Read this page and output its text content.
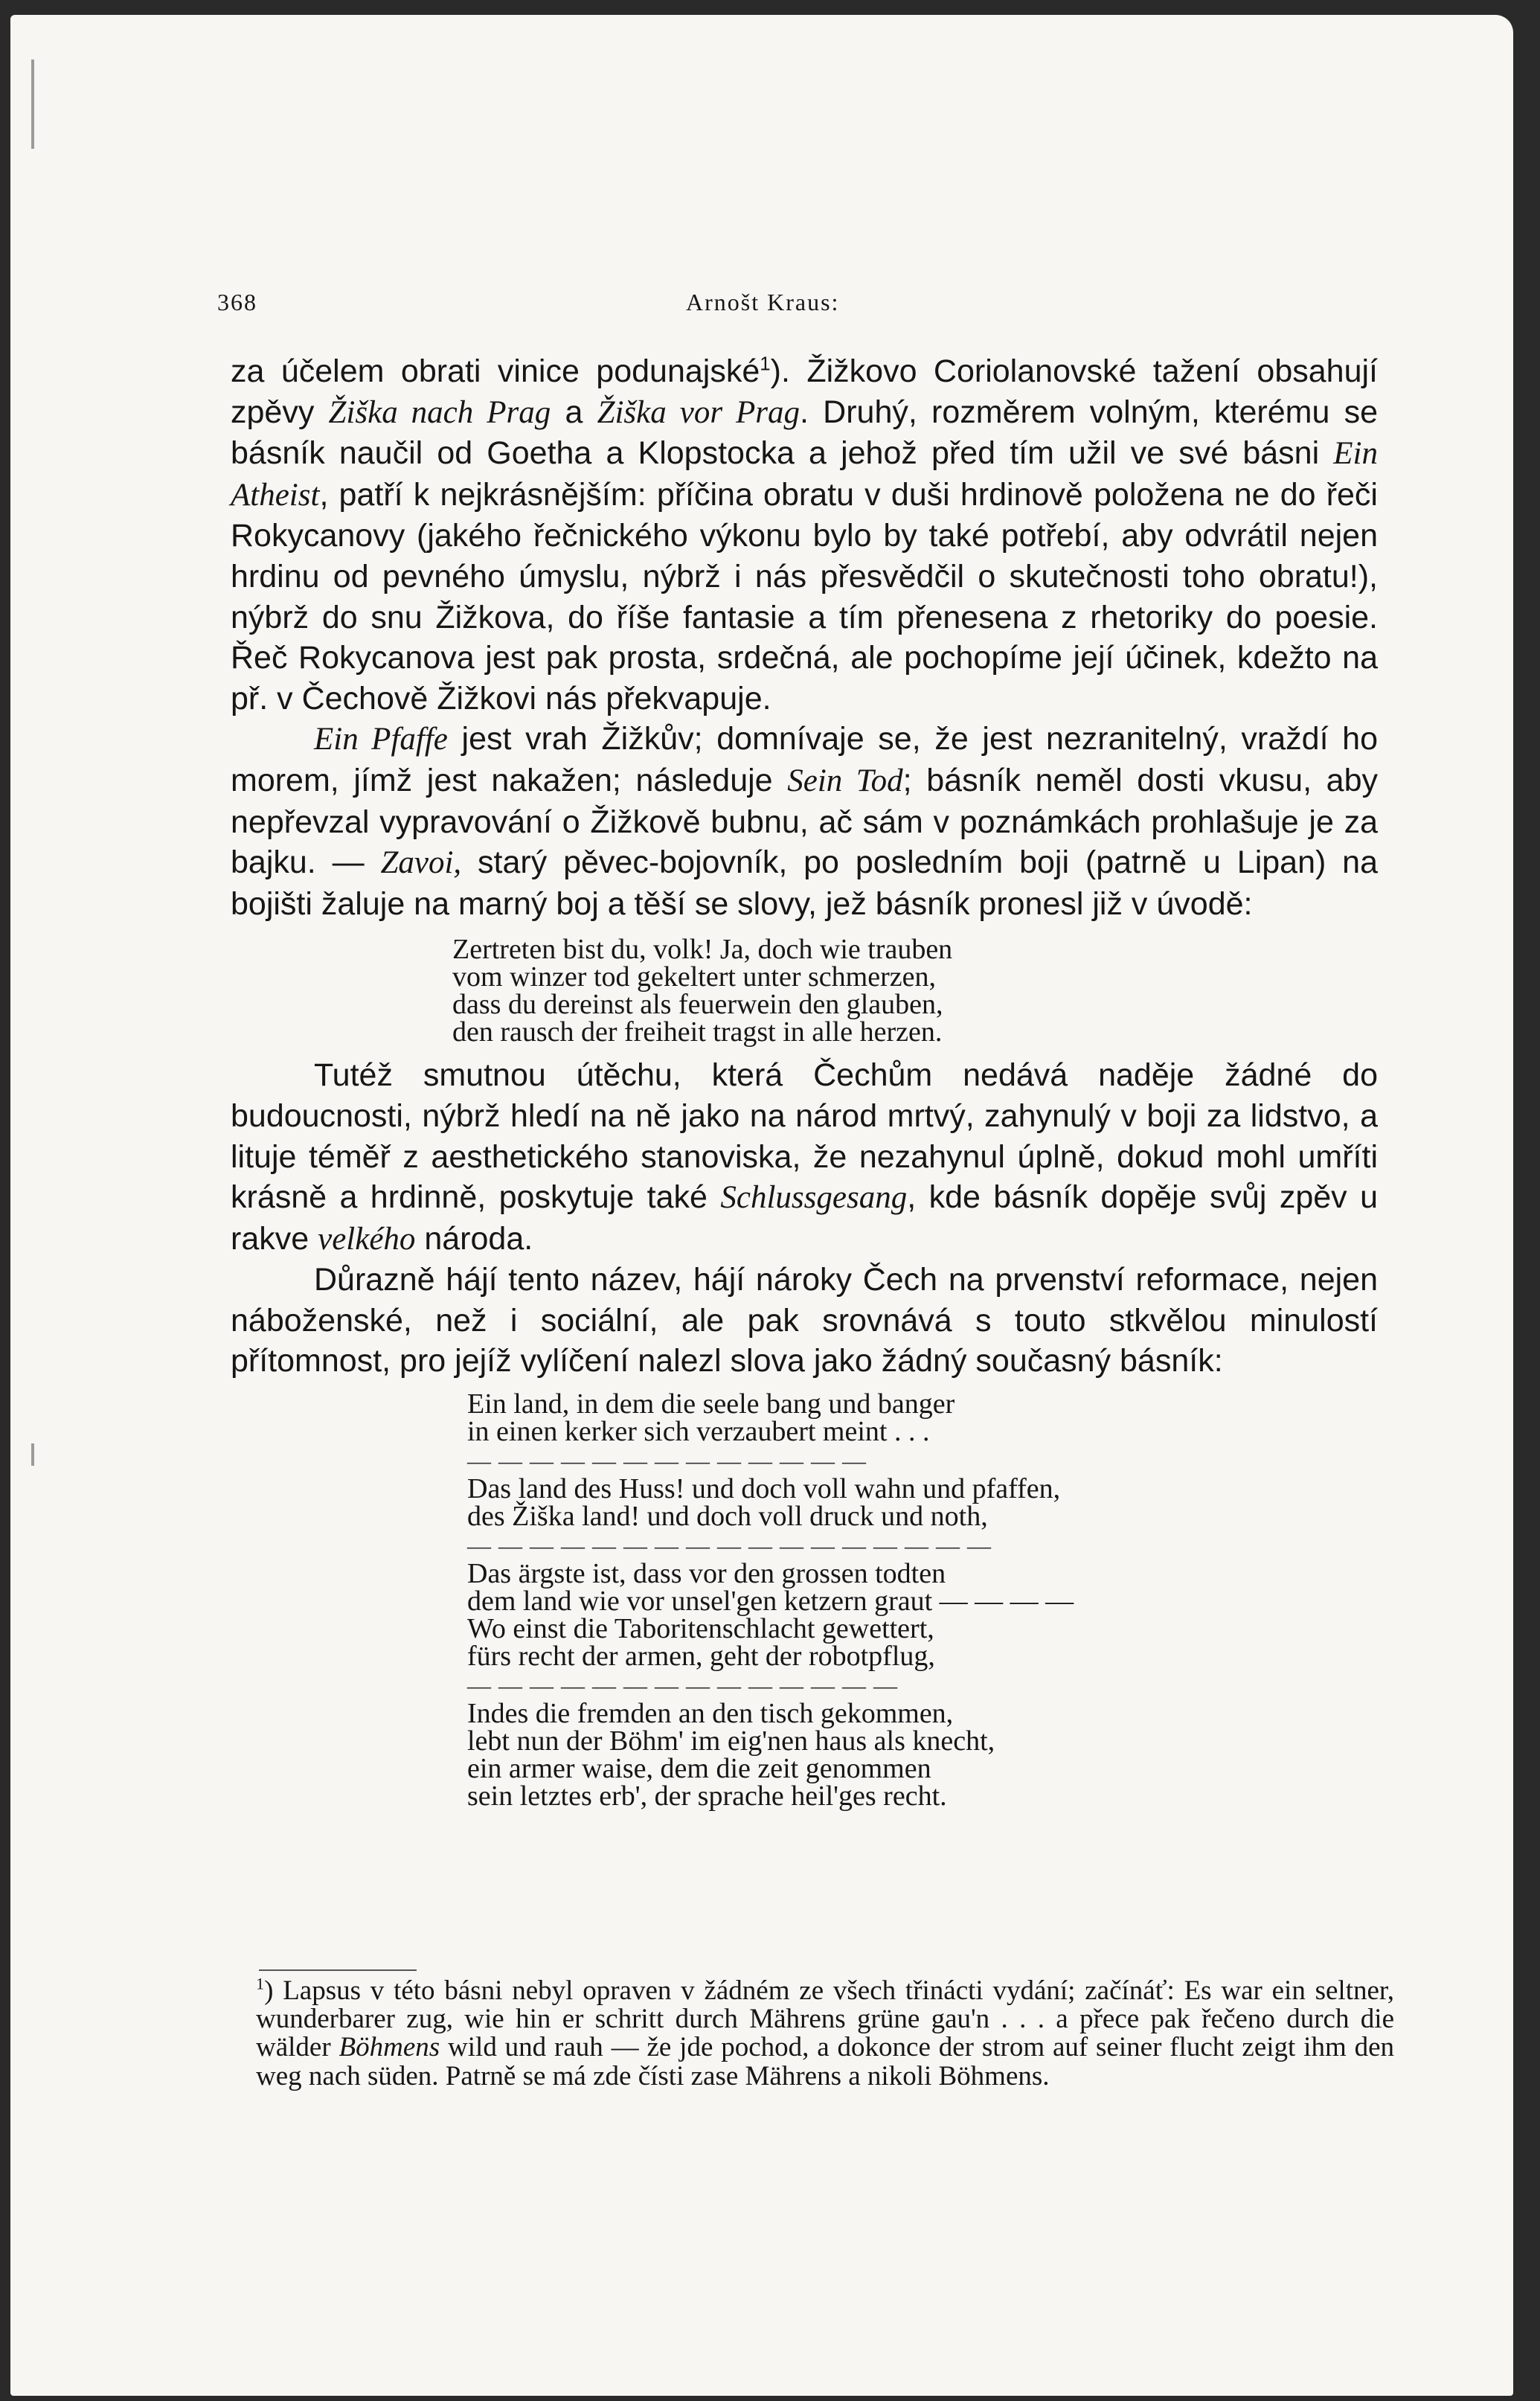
368	Arnošt Kraus:

za účelem obrati vinice podunajské$^1$). Žižkovo Coriolanovské tažení obsahují zpěvy Žiška nach Prag a Žiška vor Prag. Druhý, rozměrem volným, kterému se básník naučil od Goetha a Klopstocka a jehož před tím užil ve své básni Ein Atheist, patří k nejkrásnějším: příčina obratu v duši hrdinově položena ne do řeči Rokycanovy (jakého řečnického výkonu bylo by také potřebí, aby odvrátil nejen hrdinu od pevného úmyslu, nýbrž i nás přesvědčil o skutečnosti toho obratu!), nýbrž do snu Žižkova, do říše fantasie a tím přenesena z rhetoriky do poesie. Řeč Rokycanova jest pak prosta, srdečná, ale pochopíme její účinek, kdežto na př. v Čechově Žižkovi nás překvapuje.

Ein Pfaffe jest vrah Žižkův; domnívaje se, že jest nezranitelný, vraždí ho morem, jímž jest nakažen; následuje Sein Tod; básník neměl dosti vkusu, aby nepřevzal vypravování o Žižkově bubnu, ač sám v poznámkách prohlašuje je za bajku. — Zavoi, starý pěvec-bojovník, po posledním boji (patrně u Lipan) na bojišti žaluje na marný boj a těší se slovy, jež básník pronesl již v úvodě:

Zertreten bist du, volk! Ja, doch wie trauben
vom winzer tod gekeltert unter schmerzen,
dass du dereinst als feuerwein den glauben,
den rausch der freiheit tragst in alle herzen.

Tutéž smutnou útěchu, která Čechům nedává naděje žádné do budoucnosti, nýbrž hledí na ně jako na národ mrtvý, zahynulý v boji za lidstvo, a lituje téměř z aesthetického stanoviska, že nezahynul úplně, dokud mohl umříti krásně a hrdinně, poskytuje také Schlussgesang, kde básník dopěje svůj zpěv u rakve velkého národa.

Důrazně hájí tento název, hájí nároky Čech na prvenství reformace, nejen náboženské, než i sociální, ale pak srovnává s touto stkvělou minulostí přítomnost, pro jejíž vylíčení nalezl slova jako žádný současný básník:

Ein land, in dem die seele bang und banger
in einen kerker sich verzaubert meint . . .
— — — — — — — — — — — — —
Das land des Huss! und doch voll wahn und pfaffen,
des Žiška land! und doch voll druck und noth,
— — — — — — — — — — — — — — — — —
Das ärgste ist, dass vor den grossen todten
dem land wie vor unsel'gen ketzern graut — — — —
Wo einst die Taboritenschlacht gewettert,
fürs recht der armen, geht der robotpflug,
— — — — — — — — — — — — — —
Indes die fremden an den tisch gekommen,
lebt nun der Böhm' im eig'nen haus als knecht,
ein armer waise, dem die zeit genommen
sein letztes erb', der sprache heil'ges recht.

$^1$) Lapsus v této básni nebyl opraven v žádném ze všech třinácti vydání; začínáť: Es war ein seltner, wunderbarer zug, wie hin er schritt durch Mährens grüne gau'n . . . a přece pak řečeno durch die wälder Böhmens wild und rauh — že jde pochod, a dokonce der strom auf seiner flucht zeigt ihm den weg nach süden. Patrně se má zde čísti zase Mährens a nikoli Böhmens.
